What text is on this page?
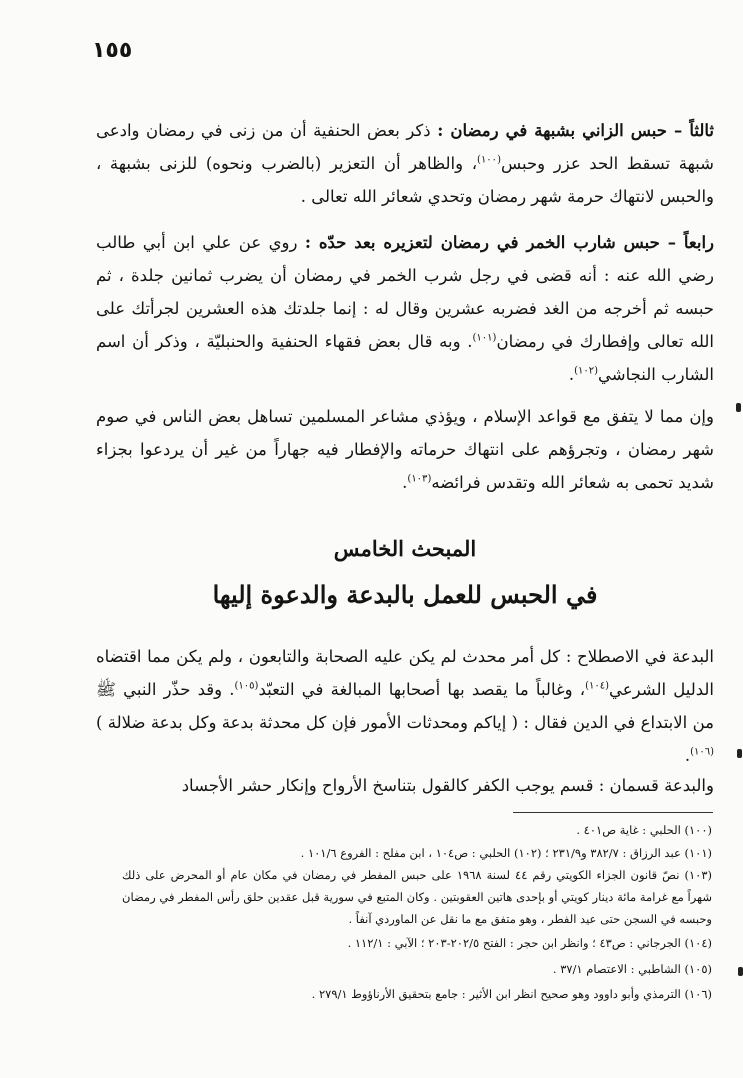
١٥٥
ثالثاً – حبس الزاني بشبهة في رمضان : ذكر بعض الحنفية أن من زنى في رمضان وادعى شبهة تسقط الحد عزر وحبس$^{(١٠٠)}$، والظاهر أن التعزير (بالضرب ونحوه) للزنى بشبهة ، والحبس لانتهاك حرمة شهر رمضان وتحدي شعائر الله تعالى .
رابعاً – حبس شارب الخمر في رمضان لتعزيره بعد حدّه : روي عن علي ابن أبي طالب رضي الله عنه : أنه قضى في رجل شرب الخمر في رمضان أن يضرب ثمانين جلدة ، ثم حبسه ثم أخرجه من الغد فضربه عشرين وقال له : إنما جلدتك هذه العشرين لجرأتك على الله تعالى وإفطارك في رمضان$^{(١٠١)}$. وبه قال بعض فقهاء الحنفية والحنبليّة ، وذكر أن اسم الشارب النجاشي$^{(١٠٢)}$.
وإن مما لا يتفق مع قواعد الإسلام ، ويؤذي مشاعر المسلمين تساهل بعض الناس في صوم شهر رمضان ، وتجرؤهم على انتهاك حرماته والإفطار فيه جهاراً من غير أن يردعوا بجزاء شديد تحمى به شعائر الله وتقدس فرائضه$^{(١٠٣)}$.
المبحث الخامس
في الحبس للعمل بالبدعة والدعوة إليها
البدعة في الاصطلاح : كل أمر محدث لم يكن عليه الصحابة والتابعون ، ولم يكن مما اقتضاه الدليل الشرعي$^{(١٠٤)}$، وغالباً ما يقصد بها أصحابها المبالغة في التعبّد$^{(١٠٥)}$. وقد حذّر النبي ﷺ من الابتداع في الدين فقال : ( إياكم ومحدثات الأمور فإن كل محدثة بدعة وكل بدعة ضلالة )$^{(١٠٦)}$.
والبدعة قسمان : قسم يوجب الكفر كالقول بتناسخ الأرواح وإنكار حشر الأجساد
(١٠٠) الحلبي : غاية ص٤٠١ .
(١٠١) عبد الرزاق : ٣٨٢/٧ و٢٣١/٩ ؛ (١٠٢) الحلبي : ص١٠٤ ، ابن مفلح : الفروع ١٠١/٦ .
(١٠٣) نصّ قانون الجزاء الكويتي رقم ٤٤ لسنة ١٩٦٨ على حبس المفطر في رمضان في مكان عام أو المحرض على ذلك شهراً مع غرامة مائة دينار كويتي أو بإحدى هاتين العقوبتين . وكان المتبع في سورية قبل عقدين حلق رأس المفطر في رمضان وحبسه في السجن حتى عيد الفطر ، وهو متفق مع ما نقل عن الماوردي آنفاً .
(١٠٤) الجرجاني : ص٤٣ ؛ وانظر ابن حجر : الفتح ٢٠٢/٥-٢٠٣ ؛ الآبي : ١١٢/١ .
(١٠٥) الشاطبي : الاعتصام ٣٧/١ .
(١٠٦) الترمذي وأبو داوود وهو صحيح انظر ابن الأثير : جامع بتحقيق الأرناؤوط ٢٧٩/١ .
